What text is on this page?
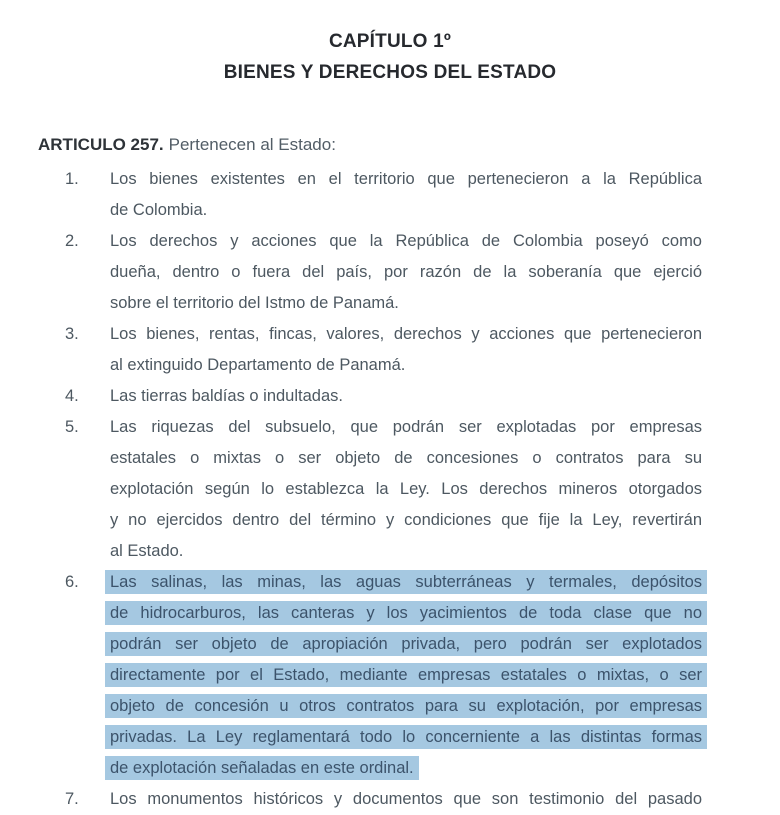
CAPÍTULO 1º
BIENES Y DERECHOS DEL ESTADO
ARTICULO 257. Pertenecen al Estado:
1.	Los bienes existentes en el territorio que pertenecieron a la República
de Colombia.
2.	Los derechos y acciones que la República de Colombia poseyó como
dueña, dentro o fuera del país, por razón de la soberanía que ejerció
sobre el territorio del Istmo de Panamá.
3.	Los bienes, rentas, fincas, valores, derechos y acciones que pertenecieron
al extinguido Departamento de Panamá.
4.	Las tierras baldías o indultadas.
5.	Las riquezas del subsuelo, que podrán ser explotadas por empresas
estatales o mixtas o ser objeto de concesiones o contratos para su
explotación según lo establezca la Ley. Los derechos mineros otorgados
y no ejercidos dentro del término y condiciones que fije la Ley, revertirán
al Estado.
6.	Las salinas, las minas, las aguas subterráneas y termales, depósitos
de hidrocarburos, las canteras y los yacimientos de toda clase que no
podrán ser objeto de apropiación privada, pero podrán ser explotados
directamente por el Estado, mediante empresas estatales o mixtas, o ser
objeto de concesión u otros contratos para su explotación, por empresas
privadas. La Ley reglamentará todo lo concerniente a las distintas formas
de explotación señaladas en este ordinal.
7.	Los monumentos históricos y documentos que son testimonio del pasado
